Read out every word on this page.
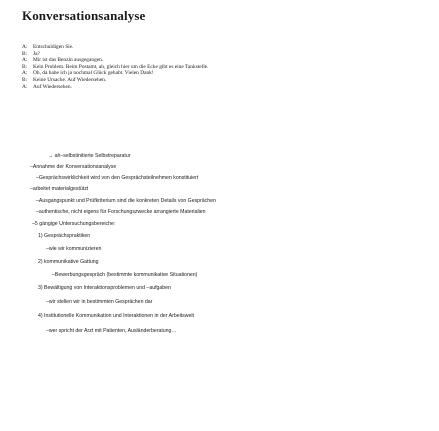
Konversationsanalyse
A:	Entschuldigen Sie.
B:	Ja?
A:	Mir ist das Benzin ausgegangen.
B:	Kein Problem. Beim Postamt, ah, gleich hier um die Ecke gibt es eine Tankstelle.
A:	Oh, da habe ich ja nochmal Glück gehabt. Vielen Dank!
B:	Keine Ursache. Auf Wiedersehen.
A:	Auf Wiedersehen.
→ ah–selbstinitierte Selbstreparatur
–Annahme der Konversationsanalyse
–Gesprächswirklichkeit wird von den Gesprächsteilnehmen konstituiert
–arbeitet materialgestützt
–Ausgangspunkt und Prüfkriterium sind die konkreten Details von Gesprächen
–authentische, nicht eigens für Forschungszwecke arrangierte Materialien
–5 gängige Untersuchungsbereiche:
1) Gesprächspraktiken
–wie wir kommunizieren
2) kommunikative Gattung
–Bewerbungsgespräch (bestimmte kommunikative Situationen)
3) Bewältigung von Interaktionsproblemen und –aufgaben
–wir stellen wir in bestimmten Gesprächen dar
4) Institutionelle Kommunikation und Interaktionen in der Arbeitswelt
–wer spricht der Arzt mit Patienten, Ausländerberatung…
